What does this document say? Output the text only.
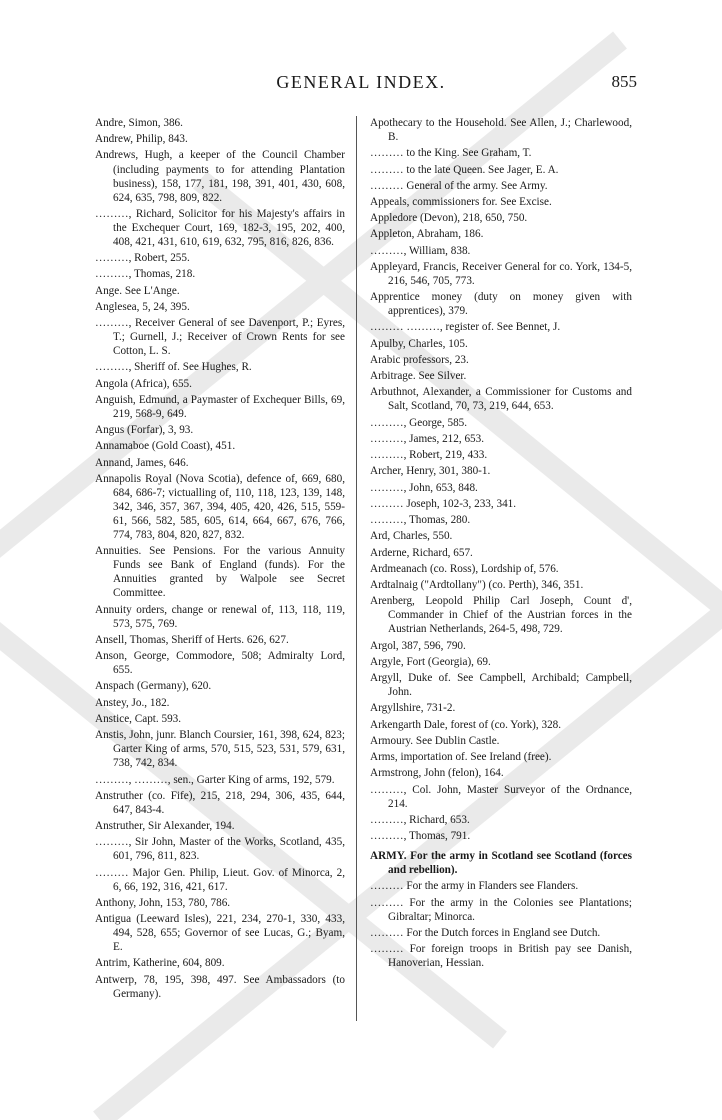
GENERAL INDEX.	855
Andre, Simon, 386.
Andrew, Philip, 843.
Andrews, Hugh, a keeper of the Council Chamber (including payments to for attending Plantation business), 158, 177, 181, 198, 391, 401, 430, 608, 624, 635, 798, 809, 822.
………, Richard, Solicitor for his Majesty's affairs in the Exchequer Court, 169, 182-3, 195, 202, 400, 408, 421, 431, 610, 619, 632, 795, 816, 826, 836.
………, Robert, 255.
………, Thomas, 218.
Ange. See L'Ange.
Anglesea, 5, 24, 395.
………, Receiver General of see Davenport, P.; Eyres, T.; Gurnell, J.; Receiver of Crown Rents for see Cotton, L. S.
………, Sheriff of. See Hughes, R.
Angola (Africa), 655.
Anguish, Edmund, a Paymaster of Exchequer Bills, 69, 219, 568-9, 649.
Angus (Forfar), 3, 93.
Annamaboe (Gold Coast), 451.
Annand, James, 646.
Annapolis Royal (Nova Scotia), defence of, 669, 680, 684, 686-7; victualling of, 110, 118, 123, 139, 148, 342, 346, 357, 367, 394, 405, 420, 426, 515, 559-61, 566, 582, 585, 605, 614, 664, 667, 676, 766, 774, 783, 804, 820, 827, 832.
Annuities. See Pensions. For the various Annuity Funds see Bank of England (funds). For the Annuities granted by Walpole see Secret Committee.
Annuity orders, change or renewal of, 113, 118, 119, 573, 575, 769.
Ansell, Thomas, Sheriff of Herts. 626, 627.
Anson, George, Commodore, 508; Admiralty Lord, 655.
Anspach (Germany), 620.
Anstey, Jo., 182.
Anstice, Capt. 593.
Anstis, John, junr. Blanch Coursier, 161, 398, 624, 823; Garter King of arms, 570, 515, 523, 531, 579, 631, 738, 742, 834.
………, ………, sen., Garter King of arms, 192, 579.
Anstruther (co. Fife), 215, 218, 294, 306, 435, 644, 647, 843-4.
Anstruther, Sir Alexander, 194.
………, Sir John, Master of the Works, Scotland, 435, 601, 796, 811, 823.
……… Major Gen. Philip, Lieut. Gov. of Minorca, 2, 6, 66, 192, 316, 421, 617.
Anthony, John, 153, 780, 786.
Antigua (Leeward Isles), 221, 234, 270-1, 330, 433, 494, 528, 655; Governor of see Lucas, G.; Byam, E.
Antrim, Katherine, 604, 809.
Antwerp, 78, 195, 398, 497. See Ambassadors (to Germany).
Apothecary to the Household. See Allen, J.; Charlewood, B.
……… to the King. See Graham, T.
……… to the late Queen. See Jager, E. A.
……… General of the army. See Army.
Appeals, commissioners for. See Excise.
Appledore (Devon), 218, 650, 750.
Appleton, Abraham, 186.
………, William, 838.
Appleyard, Francis, Receiver General for co. York, 134-5, 216, 546, 705, 773.
Apprentice money (duty on money given with apprentices), 379.
……… ………, register of. See Bennet, J.
Apulby, Charles, 105.
Arabic professors, 23.
Arbitrage. See Silver.
Arbuthnot, Alexander, a Commissioner for Customs and Salt, Scotland, 70, 73, 219, 644, 653.
………, George, 585.
………, James, 212, 653.
………, Robert, 219, 433.
Archer, Henry, 301, 380-1.
………, John, 653, 848.
……… Joseph, 102-3, 233, 341.
………, Thomas, 280.
Ard, Charles, 550.
Arderne, Richard, 657.
Ardmeanach (co. Ross), Lordship of, 576.
Ardtalnaig ("Ardtollany") (co. Perth), 346, 351.
Arenberg, Leopold Philip Carl Joseph, Count d', Commander in Chief of the Austrian forces in the Austrian Netherlands, 264-5, 498, 729.
Argol, 387, 596, 790.
Argyle, Fort (Georgia), 69.
Argyll, Duke of. See Campbell, Archibald; Campbell, John.
Argyllshire, 731-2.
Arkengarth Dale, forest of (co. York), 328.
Armoury. See Dublin Castle.
Arms, importation of. See Ireland (free).
Armstrong, John (felon), 164.
………, Col. John, Master Surveyor of the Ordnance, 214.
………, Richard, 653.
………, Thomas, 791.
ARMY. For the army in Scotland see Scotland (forces and rebellion).
……… For the army in Flanders see Flanders.
……… For the army in the Colonies see Plantations; Gibraltar; Minorca.
……… For the Dutch forces in England see Dutch.
……… For foreign troops in British pay see Danish, Hanoverian, Hessian.
